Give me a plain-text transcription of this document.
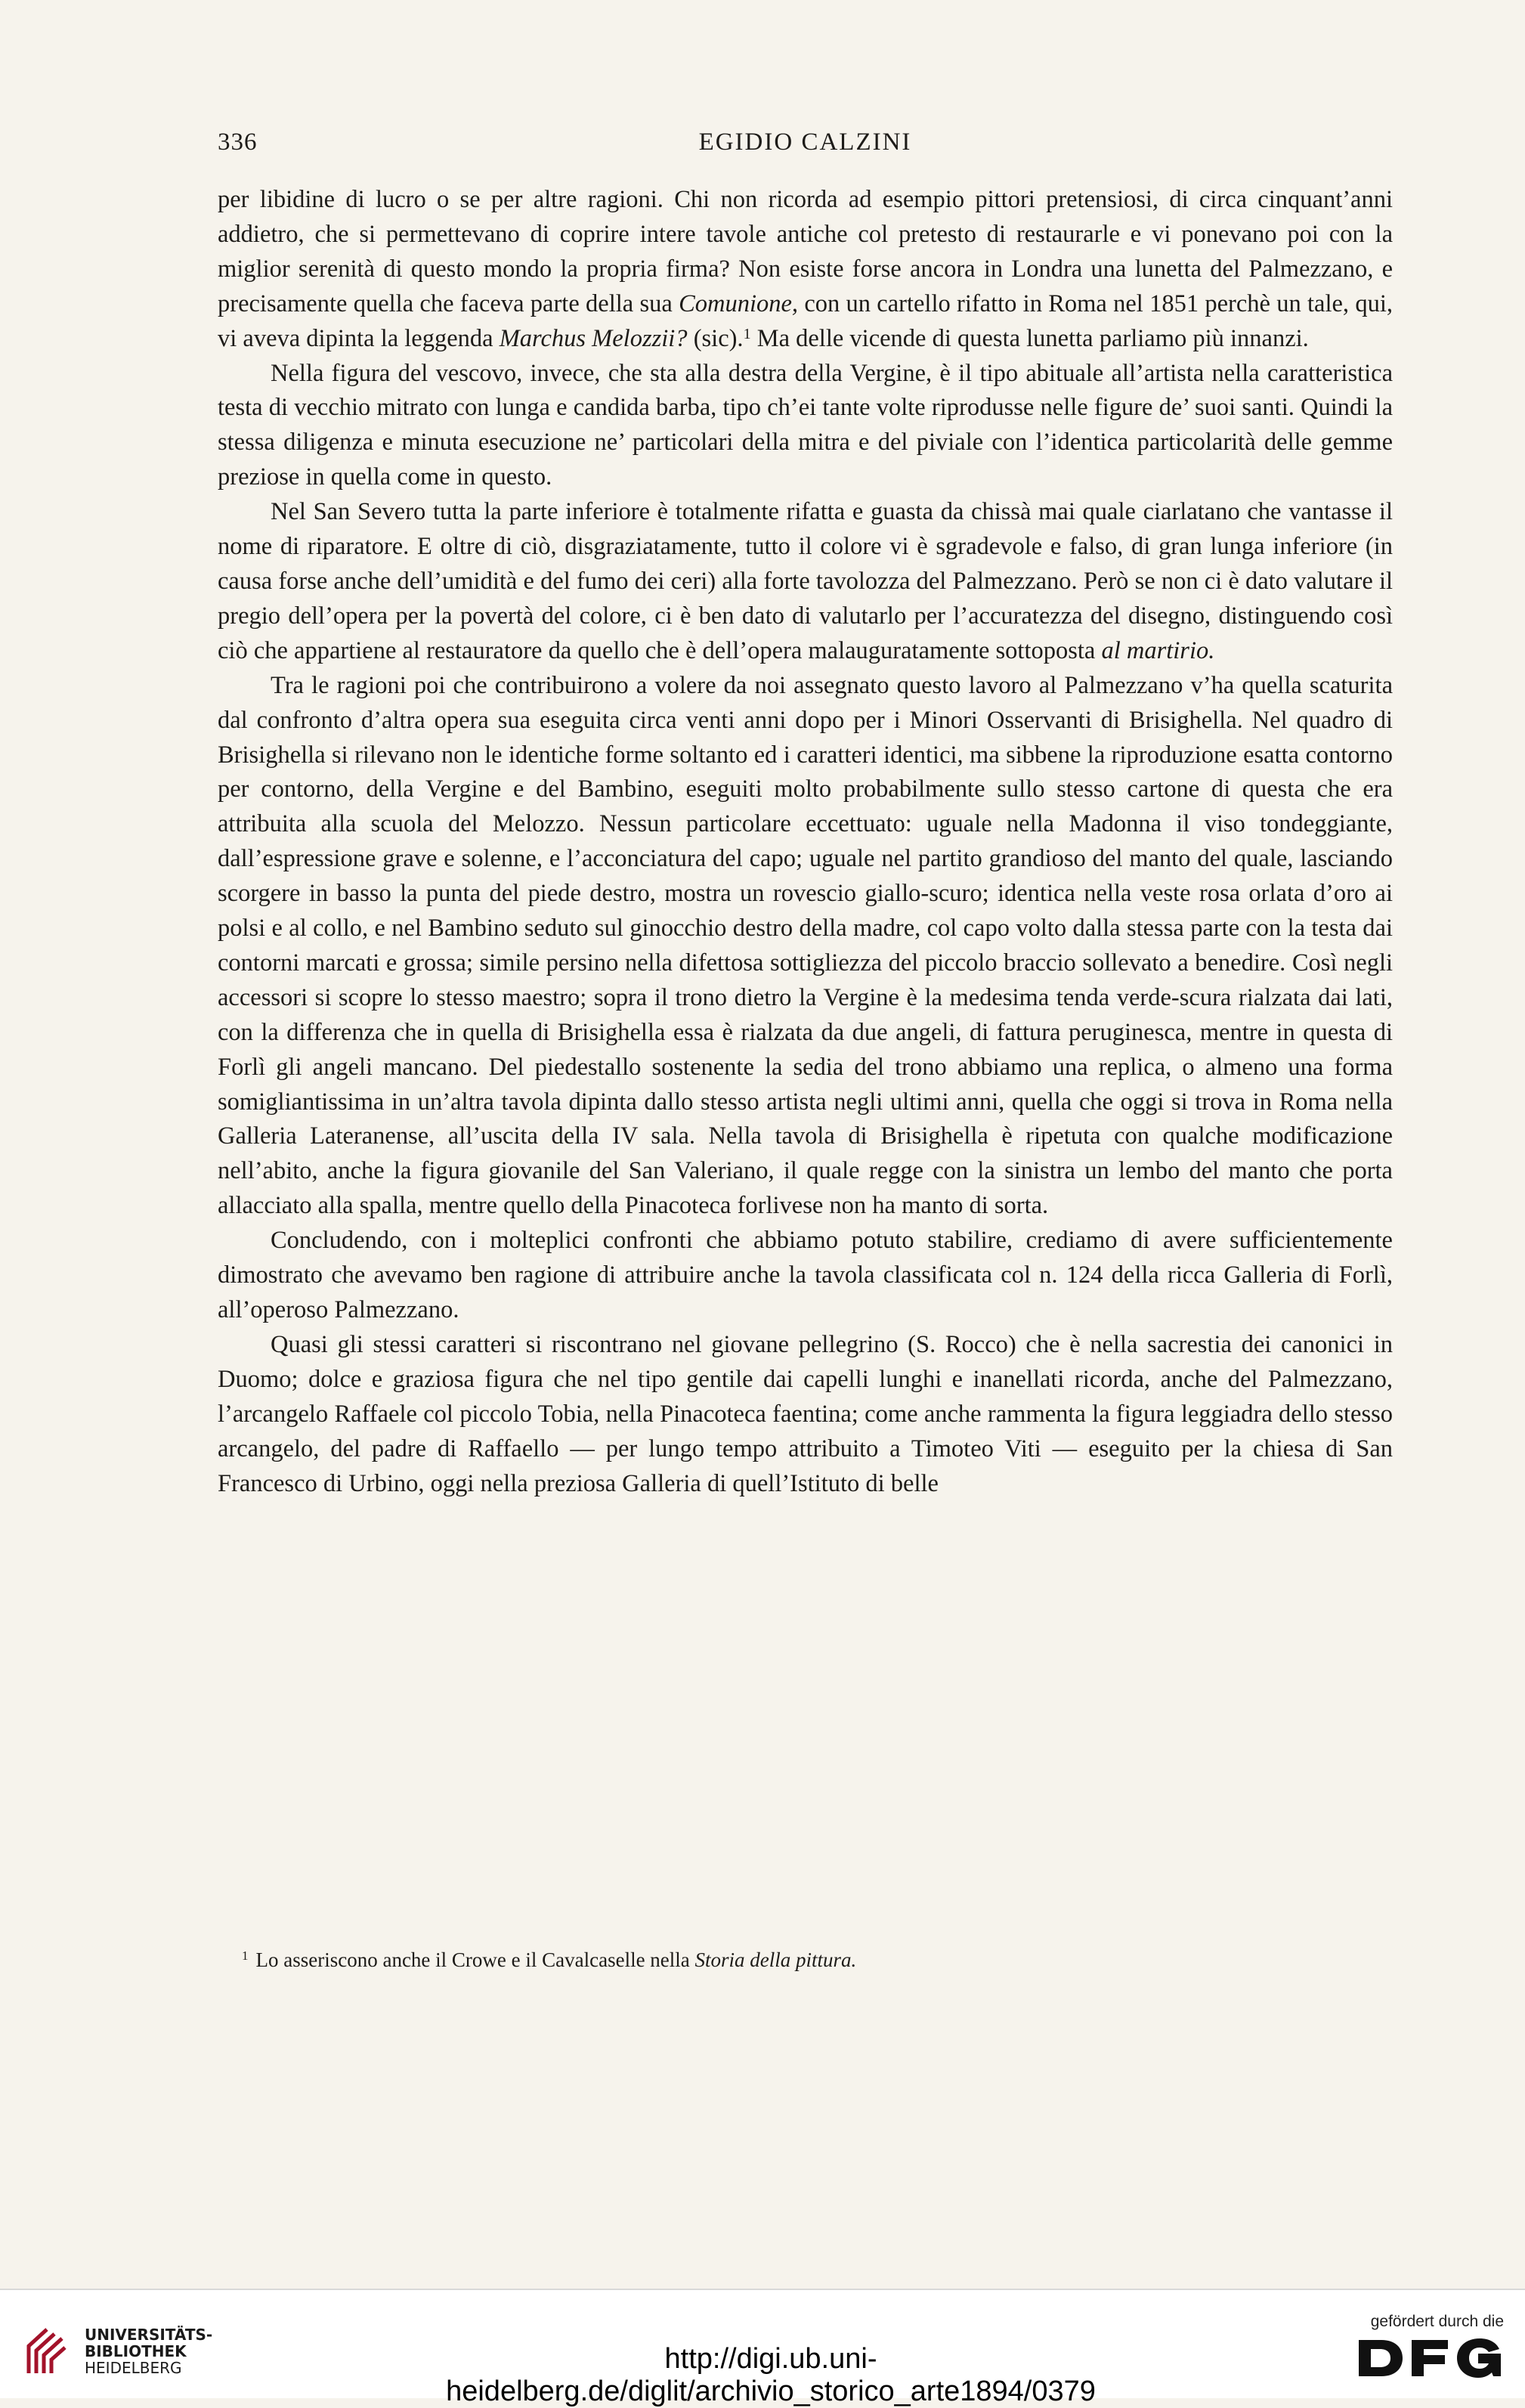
336	EGIDIO CALZINI

per libidine di lucro o se per altre ragioni. Chi non ricorda ad esempio pittori pretensiosi, di circa cinquant’anni addietro, che si permettevano di coprire intere tavole antiche col pretesto di restaurarle e vi ponevano poi con la miglior serenità di questo mondo la propria firma? Non esiste forse ancora in Londra una lunetta del Palmezzano, e precisamente quella che faceva parte della sua Comunione, con un cartello rifatto in Roma nel 1851 perchè un tale, qui, vi aveva dipinta la leggenda Marchus Melozzii? (sic).$^1$ Ma delle vicende di questa lunetta parliamo più innanzi.

Nella figura del vescovo, invece, che sta alla destra della Vergine, è il tipo abituale all’artista nella caratteristica testa di vecchio mitrato con lunga e candida barba, tipo ch’ei tante volte riprodusse nelle figure de’ suoi santi. Quindi la stessa diligenza e minuta esecuzione ne’ particolari della mitra e del piviale con l’identica particolarità delle gemme preziose in quella come in questo.

Nel San Severo tutta la parte inferiore è totalmente rifatta e guasta da chissà mai quale ciarlatano che vantasse il nome di riparatore. E oltre di ciò, disgraziatamente, tutto il colore vi è sgradevole e falso, di gran lunga inferiore (in causa forse anche dell’umidità e del fumo dei ceri) alla forte tavolozza del Palmezzano. Però se non ci è dato valutare il pregio dell’opera per la povertà del colore, ci è ben dato di valutarlo per l’accuratezza del disegno, distinguendo così ciò che appartiene al restauratore da quello che è dell’opera malauguratamente sottoposta al martirio.

Tra le ragioni poi che contribuirono a volere da noi assegnato questo lavoro al Palmezzano v’ha quella scaturita dal confronto d’altra opera sua eseguita circa venti anni dopo per i Minori Osservanti di Brisighella. Nel quadro di Brisighella si rilevano non le identiche forme soltanto ed i caratteri identici, ma sibbene la riproduzione esatta contorno per contorno, della Vergine e del Bambino, eseguiti molto probabilmente sullo stesso cartone di questa che era attribuita alla scuola del Melozzo. Nessun particolare eccettuato: uguale nella Madonna il viso tondeggiante, dall’espressione grave e solenne, e l’acconciatura del capo; uguale nel partito grandioso del manto del quale, lasciando scorgere in basso la punta del piede destro, mostra un rovescio giallo-scuro; identica nella veste rosa orlata d’oro ai polsi e al collo, e nel Bambino seduto sul ginocchio destro della madre, col capo volto dalla stessa parte con la testa dai contorni marcati e grossa; simile persino nella difettosa sottigliezza del piccolo braccio sollevato a benedire. Così negli accessori si scopre lo stesso maestro; sopra il trono dietro la Vergine è la medesima tenda verde-scura rialzata dai lati, con la differenza che in quella di Brisighella essa è rialzata da due angeli, di fattura peruginesca, mentre in questa di Forlì gli angeli mancano. Del piedestallo sostenente la sedia del trono abbiamo una replica, o almeno una forma somigliantissima in un’altra tavola dipinta dallo stesso artista negli ultimi anni, quella che oggi si trova in Roma nella Galleria Lateranense, all’uscita della IV sala. Nella tavola di Brisighella è ripetuta con qualche modificazione nell’abito, anche la figura giovanile del San Valeriano, il quale regge con la sinistra un lembo del manto che porta allacciato alla spalla, mentre quello della Pinacoteca forlivese non ha manto di sorta.

Concludendo, con i molteplici confronti che abbiamo potuto stabilire, crediamo di avere sufficientemente dimostrato che avevamo ben ragione di attribuire anche la tavola classificata col n. 124 della ricca Galleria di Forlì, all’operoso Palmezzano.

Quasi gli stessi caratteri si riscontrano nel giovane pellegrino (S. Rocco) che è nella sacrestia dei canonici in Duomo; dolce e graziosa figura che nel tipo gentile dai capelli lunghi e inanellati ricorda, anche del Palmezzano, l’arcangelo Raffaele col piccolo Tobia, nella Pinacoteca faentina; come anche rammenta la figura leggiadra dello stesso arcangelo, del padre di Raffaello — per lungo tempo attribuito a Timoteo Viti — eseguito per la chiesa di San Francesco di Urbino, oggi nella preziosa Galleria di quell’Istituto di belle

$^1$ Lo asseriscono anche il Crowe e il Cavalcaselle nella Storia della pittura.
UNIVERSITÄTS-
BIBLIOTHEK
HEIDELBERG	http://digi.ub.uni-heidelberg.de/diglit/archivio_storico_arte1894/0379
gefördert durch die
